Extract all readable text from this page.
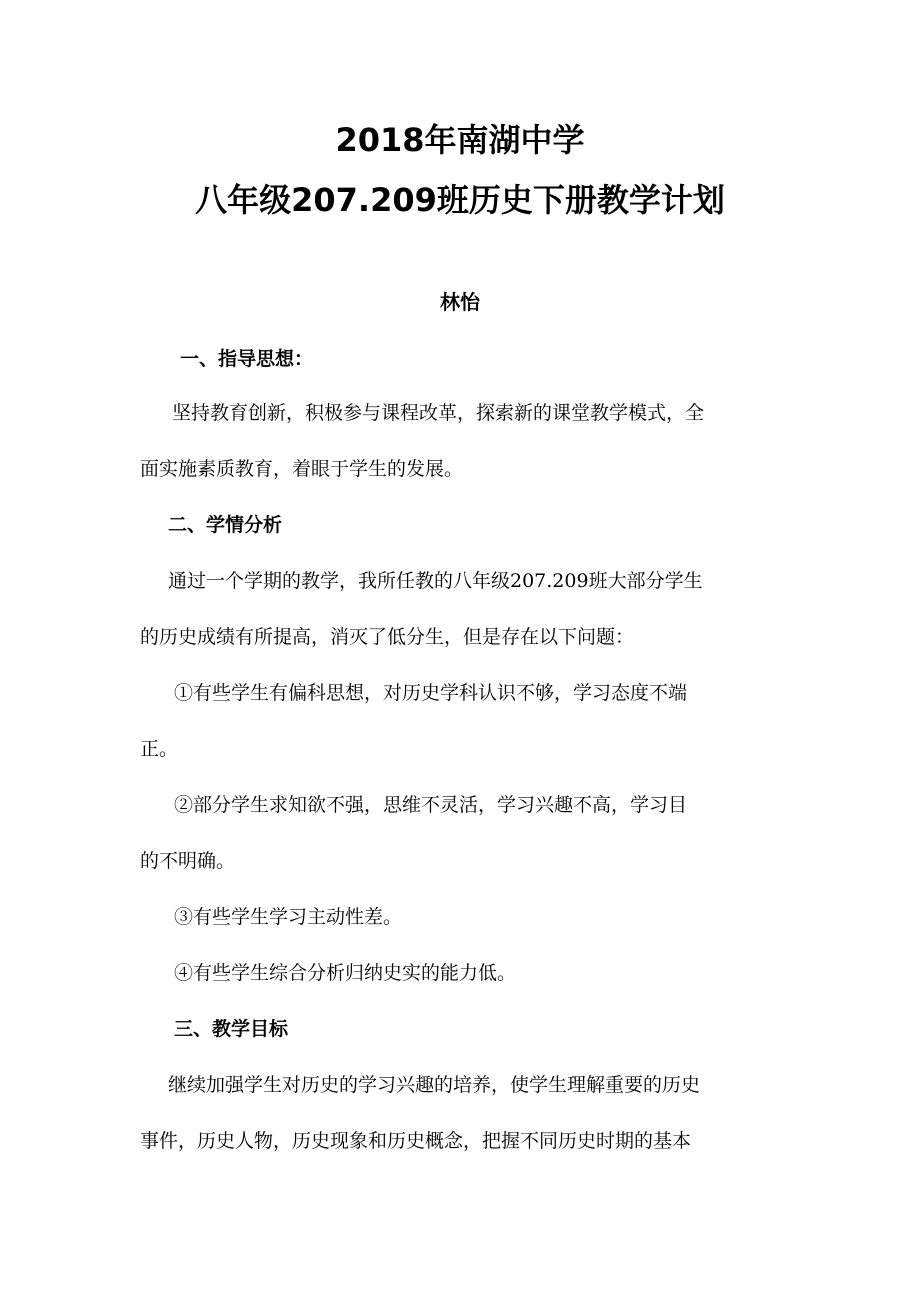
2018年南湖中学
八年级207.209班历史下册教学计划
林怡
一、指导思想：
坚持教育创新，积极参与课程改革，探索新的课堂教学模式，全
面实施素质教育，着眼于学生的发展。
二、学情分析
通过一个学期的教学，我所任教的八年级207.209班大部分学生
的历史成绩有所提高，消灭了低分生，但是存在以下问题：
①有些学生有偏科思想，对历史学科认识不够，学习态度不端
正。
②部分学生求知欲不强，思维不灵活，学习兴趣不高，学习目
的不明确。
③有些学生学习主动性差。
④有些学生综合分析归纳史实的能力低。
三、教学目标
继续加强学生对历史的学习兴趣的培养，使学生理解重要的历史
事件，历史人物，历史现象和历史概念，把握不同历史时期的基本
